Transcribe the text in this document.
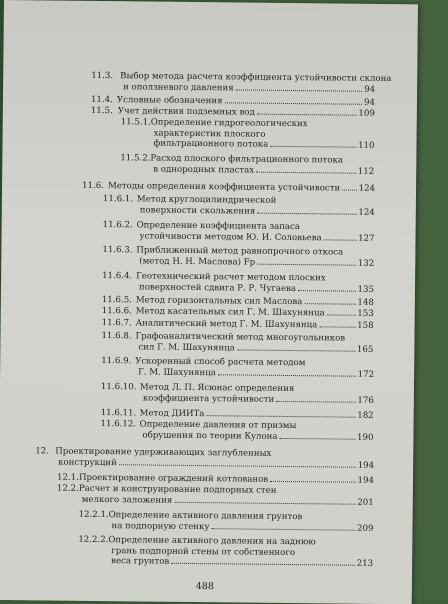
11.3. Выбор метода расчета коэффициента устойчивости склона
и оползневого давления	94
11.4. Условные обозначения	94
11.5. Учет действия подземных вод	109
11.5.1. Определение гидрогеологических
характеристик плоского
фильтрационного потока	110
11.5.2. Расход плоского фильтрационного потока
в однородных пластах	112
11.6. Методы определения коэффициента устойчивости 124
11.6.1. Метод круглоцилиндрической
поверхности скольжения	124
11.6.2. Определение коэффициента запаса
устойчивости методом Ю. И. Соловьева	127
11.6.3. Приближенный метод равнопрочного откоса
(метод Н. Н. Маслова) Fp	132
11.6.4. Геотехнический расчет методом плоских
поверхностей сдвига Р. Р. Чугаева	135
11.6.5. Метод горизонтальных сил Маслова	148
11.6.6. Метод касательных сил Г. М. Шахунянца	153
11.6.7. Аналитический метод Г. М. Шахунянца	158
11.6.8. Графоаналитический метод многоугольников
сил Г. М. Шахунянца	165
11.6.9. Ускоренный способ расчета методом
Г. М. Шахунянца	172
11.6.10. Метод Л. П. Ясюнас определения
коэффициента устойчивости	176
11.6.11. Метод ДИИТа	182
11.6.12. Определение давления от призмы
обрушения по теории Кулона	190
12. Проектирование удерживающих заглубленных
конструкций	194
12.1. Проектирование ограждений котлованов	194
12.2. Расчет и конструирование подпорных стен
мелкого заложения	201
12.2.1. Определение активного давления грунтов
на подпорную стенку	209
12.2.2. Определение активного давления на заднюю
грань подпорной стены от собственного
веса грунтов	213
488
